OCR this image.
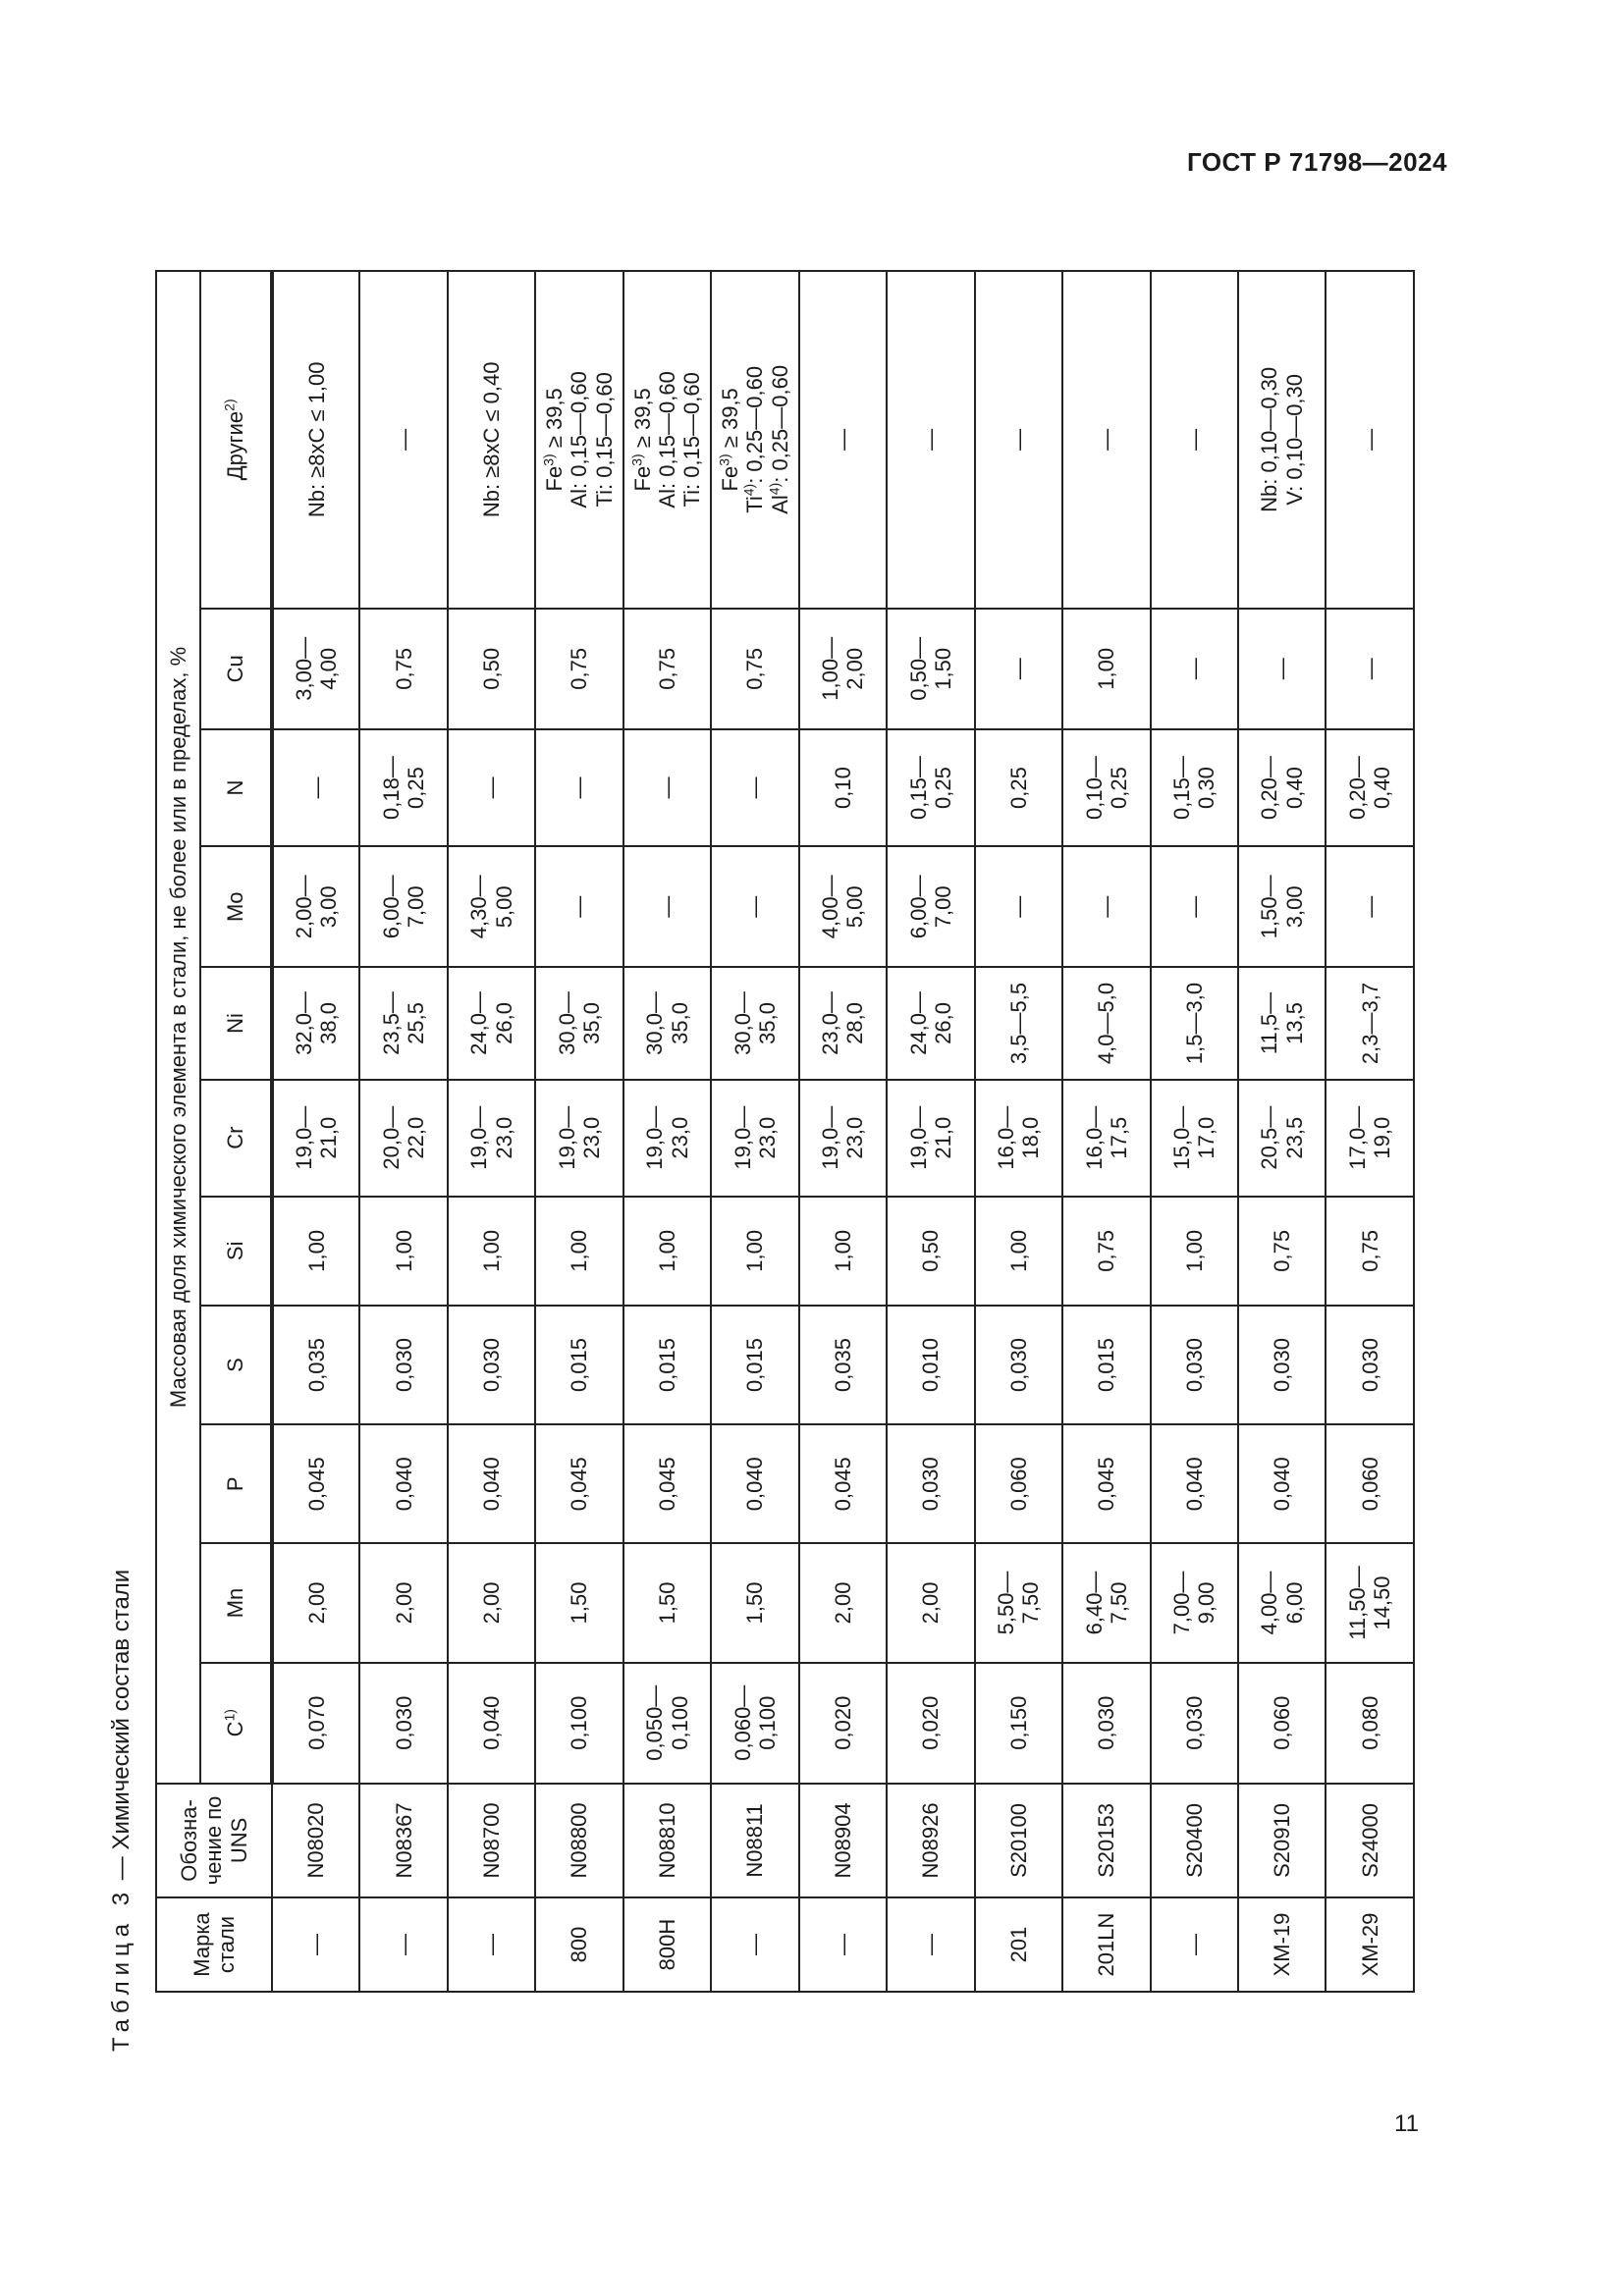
ГОСТ Р 71798—2024
Таблица 3 — Химический состав стали
Марка стали	Обозна- чение по UNS	Массовая доля химического элемента в стали, не более или в пределах, %										
		$C^{1)}$	Mn	P	S	Si	Cr	Ni	Mo	N	Cu	Другие$^{2)}$
—	N08020	0,070	2,00	0,045	0,035	1,00	19,0— 21,0	32,0— 38,0	2,00— 3,00	—	3,00— 4,00	Nb: ≥8хС ≤ 1,00

—	N08367	0,030	2,00	0,040	0,030	1,00	20,0— 22,0	23,5— 25,5	6,00— 7,00	0,18— 0,25	0,75	—

—	N08700	0,040	2,00	0,040	0,030	1,00	19,0— 23,0	24,0— 26,0	4,30— 5,00	—	0,50	Nb: ≥8хС ≤ 0,40

800	N08800	0,100	1,50	0,045	0,015	1,00	19,0— 23,0	30,0— 35,0	—	—	0,75	$Fe^{3)} \ge 39,5$ Al: 0,15—0,60 Ti: 0,15—0,60

800H	N08810	0,050— 0,100	1,50	0,045	0,015	1,00	19,0— 23,0	30,0— 35,0	—	—	0,75	$Fe^{3)} \ge 39,5$ Al: 0,15—0,60 Ti: 0,15—0,60

—	N08811	0,060— 0,100	1,50	0,040	0,015	1,00	19,0— 23,0	30,0— 35,0	—	—	0,75	$Fe^{3)} \ge 39,5$
Ti$^{4)}$: 0,25—0,60
Al$^{4)}$: 0,25—0,60

—	N08904	0,020	2,00	0,045	0,035	1,00	19,0— 23,0	23,0— 28,0	4,00— 5,00	0,10	1,00— 2,00	—

—	N08926	0,020	2,00	0,030	0,010	0,50	19,0— 21,0	24,0— 26,0	6,00— 7,00	0,15— 0,25	0,50— 1,50	—

201	S20100	0,150	5,50— 7,50	0,060	0,030	1,00	16,0— 18,0	3,5—5,5	—	0,25	—	—

201LN	S20153	0,030	6,40— 7,50	0,045	0,015	0,75	16,0— 17,5	4,0—5,0	—	0,10— 0,25	1,00	—

—	S20400	0,030	7,00— 9,00	0,040	0,030	1,00	15,0— 17,0	1,5—3,0	—	0,15— 0,30	—	—

XM-19	S20910	0,060	4,00— 6,00	0,040	0,030	0,75	20,5— 23,5	11,5— 13,5	1,50— 3,00	0,20— 0,40	—	Nb: 0,10—0,30 V: 0,10—0,30

XM-29	S24000	0,080	11,50— 14,50	0,060	0,030	0,75	17,0— 19,0	2,3—3,7	—	0,20— 0,40	—	—
11
